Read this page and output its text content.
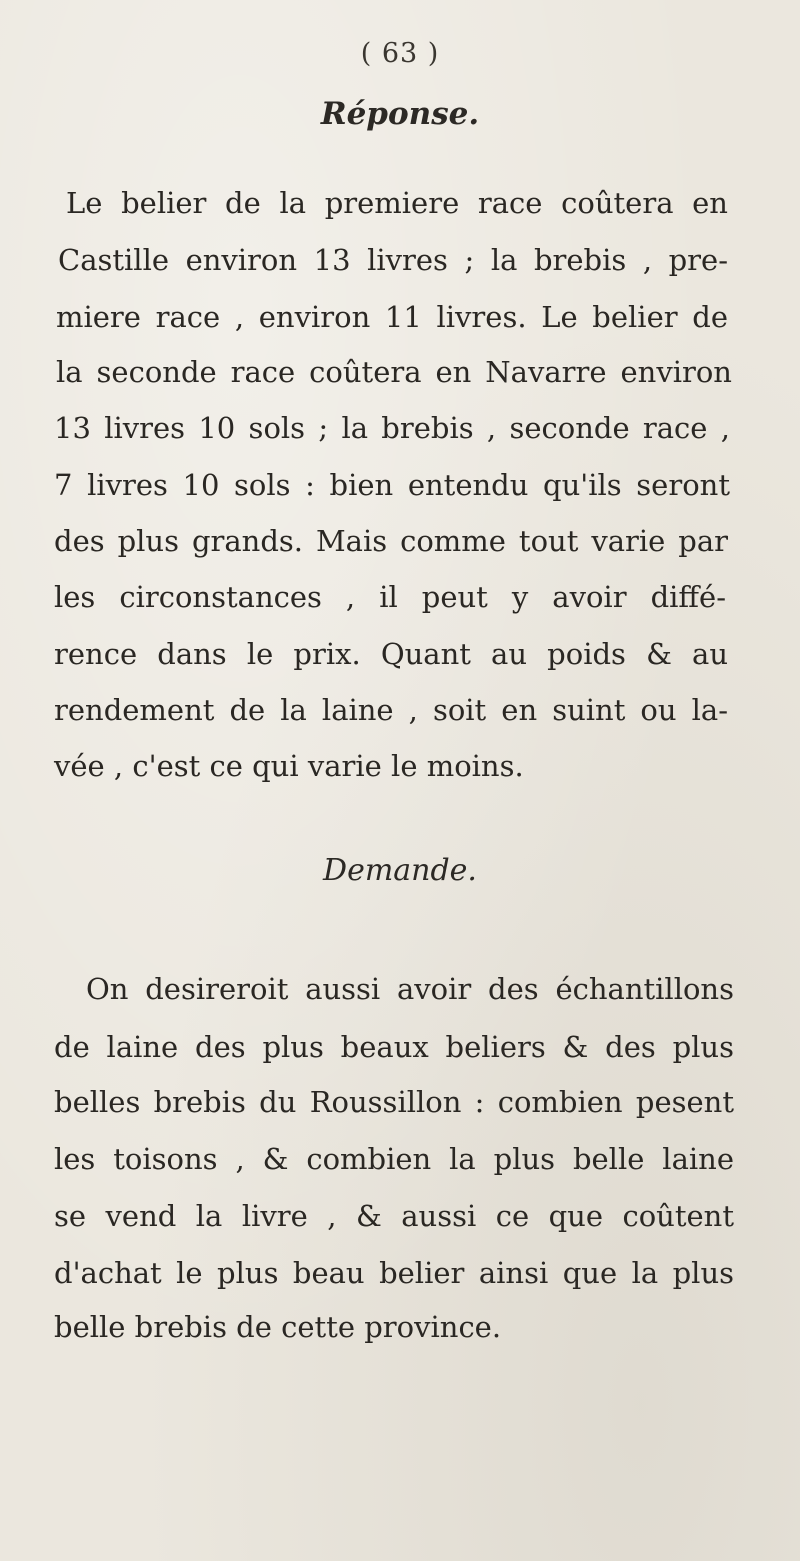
( 63 )
Réponse.
Le belier de la premiere race coûtera en
Castille environ 13 livres ; la brebis , pre-
miere race , environ 11 livres. Le belier de
la seconde race coûtera en Navarre environ
13 livres 10 sols ; la brebis , seconde race ,
7 livres 10 sols : bien entendu qu'ils seront
des plus grands. Mais comme tout varie par
les circonstances , il peut y avoir diffé-
rence dans le prix. Quant au poids & au
rendement de la laine , soit en suint ou la-
vée , c'est ce qui varie le moins.
Demande.
On desireroit aussi avoir des échantillons
de laine des plus beaux beliers & des plus
belles brebis du Roussillon : combien pesent
les toisons , & combien la plus belle laine
se vend la livre , & aussi ce que coûtent
d'achat le plus beau belier ainsi que la plus
belle brebis de cette province.
